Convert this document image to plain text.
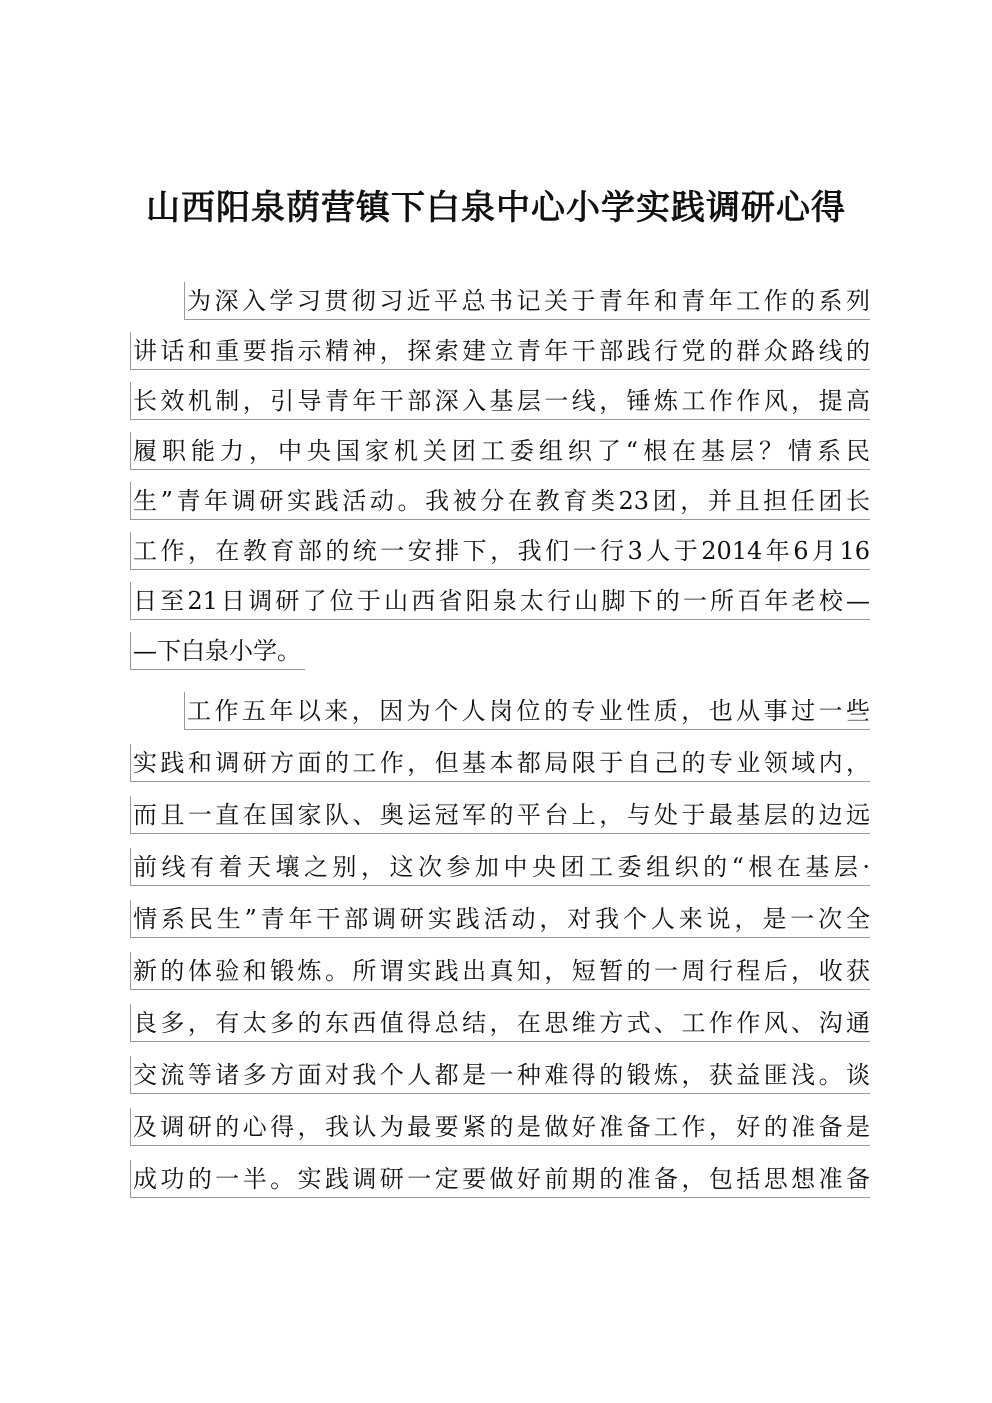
山西阳泉荫营镇下白泉中心小学实践调研心得
为深入学习贯彻习近平总书记关于青年和青年工作的系列
讲话和重要指示精神，探索建立青年干部践行党的群众路线的
长效机制，引导青年干部深入基层一线，锤炼工作作风，提高
履职能力，中央国家机关团工委组织了“根在基层？情系民
生”青年调研实践活动。我被分在教育类23团，并且担任团长
工作，在教育部的统一安排下，我们一行3人于2014年6月16
日至21日调研了位于山西省阳泉太行山脚下的一所百年老校—
—下白泉小学。
工作五年以来，因为个人岗位的专业性质，也从事过一些
实践和调研方面的工作，但基本都局限于自己的专业领域内，
而且一直在国家队、奥运冠军的平台上，与处于最基层的边远
前线有着天壤之别，这次参加中央团工委组织的“根在基层·
情系民生”青年干部调研实践活动，对我个人来说，是一次全
新的体验和锻炼。所谓实践出真知，短暂的一周行程后，收获
良多，有太多的东西值得总结，在思维方式、工作作风、沟通
交流等诸多方面对我个人都是一种难得的锻炼，获益匪浅。谈
及调研的心得，我认为最要紧的是做好准备工作，好的准备是
成功的一半。实践调研一定要做好前期的准备，包括思想准备
